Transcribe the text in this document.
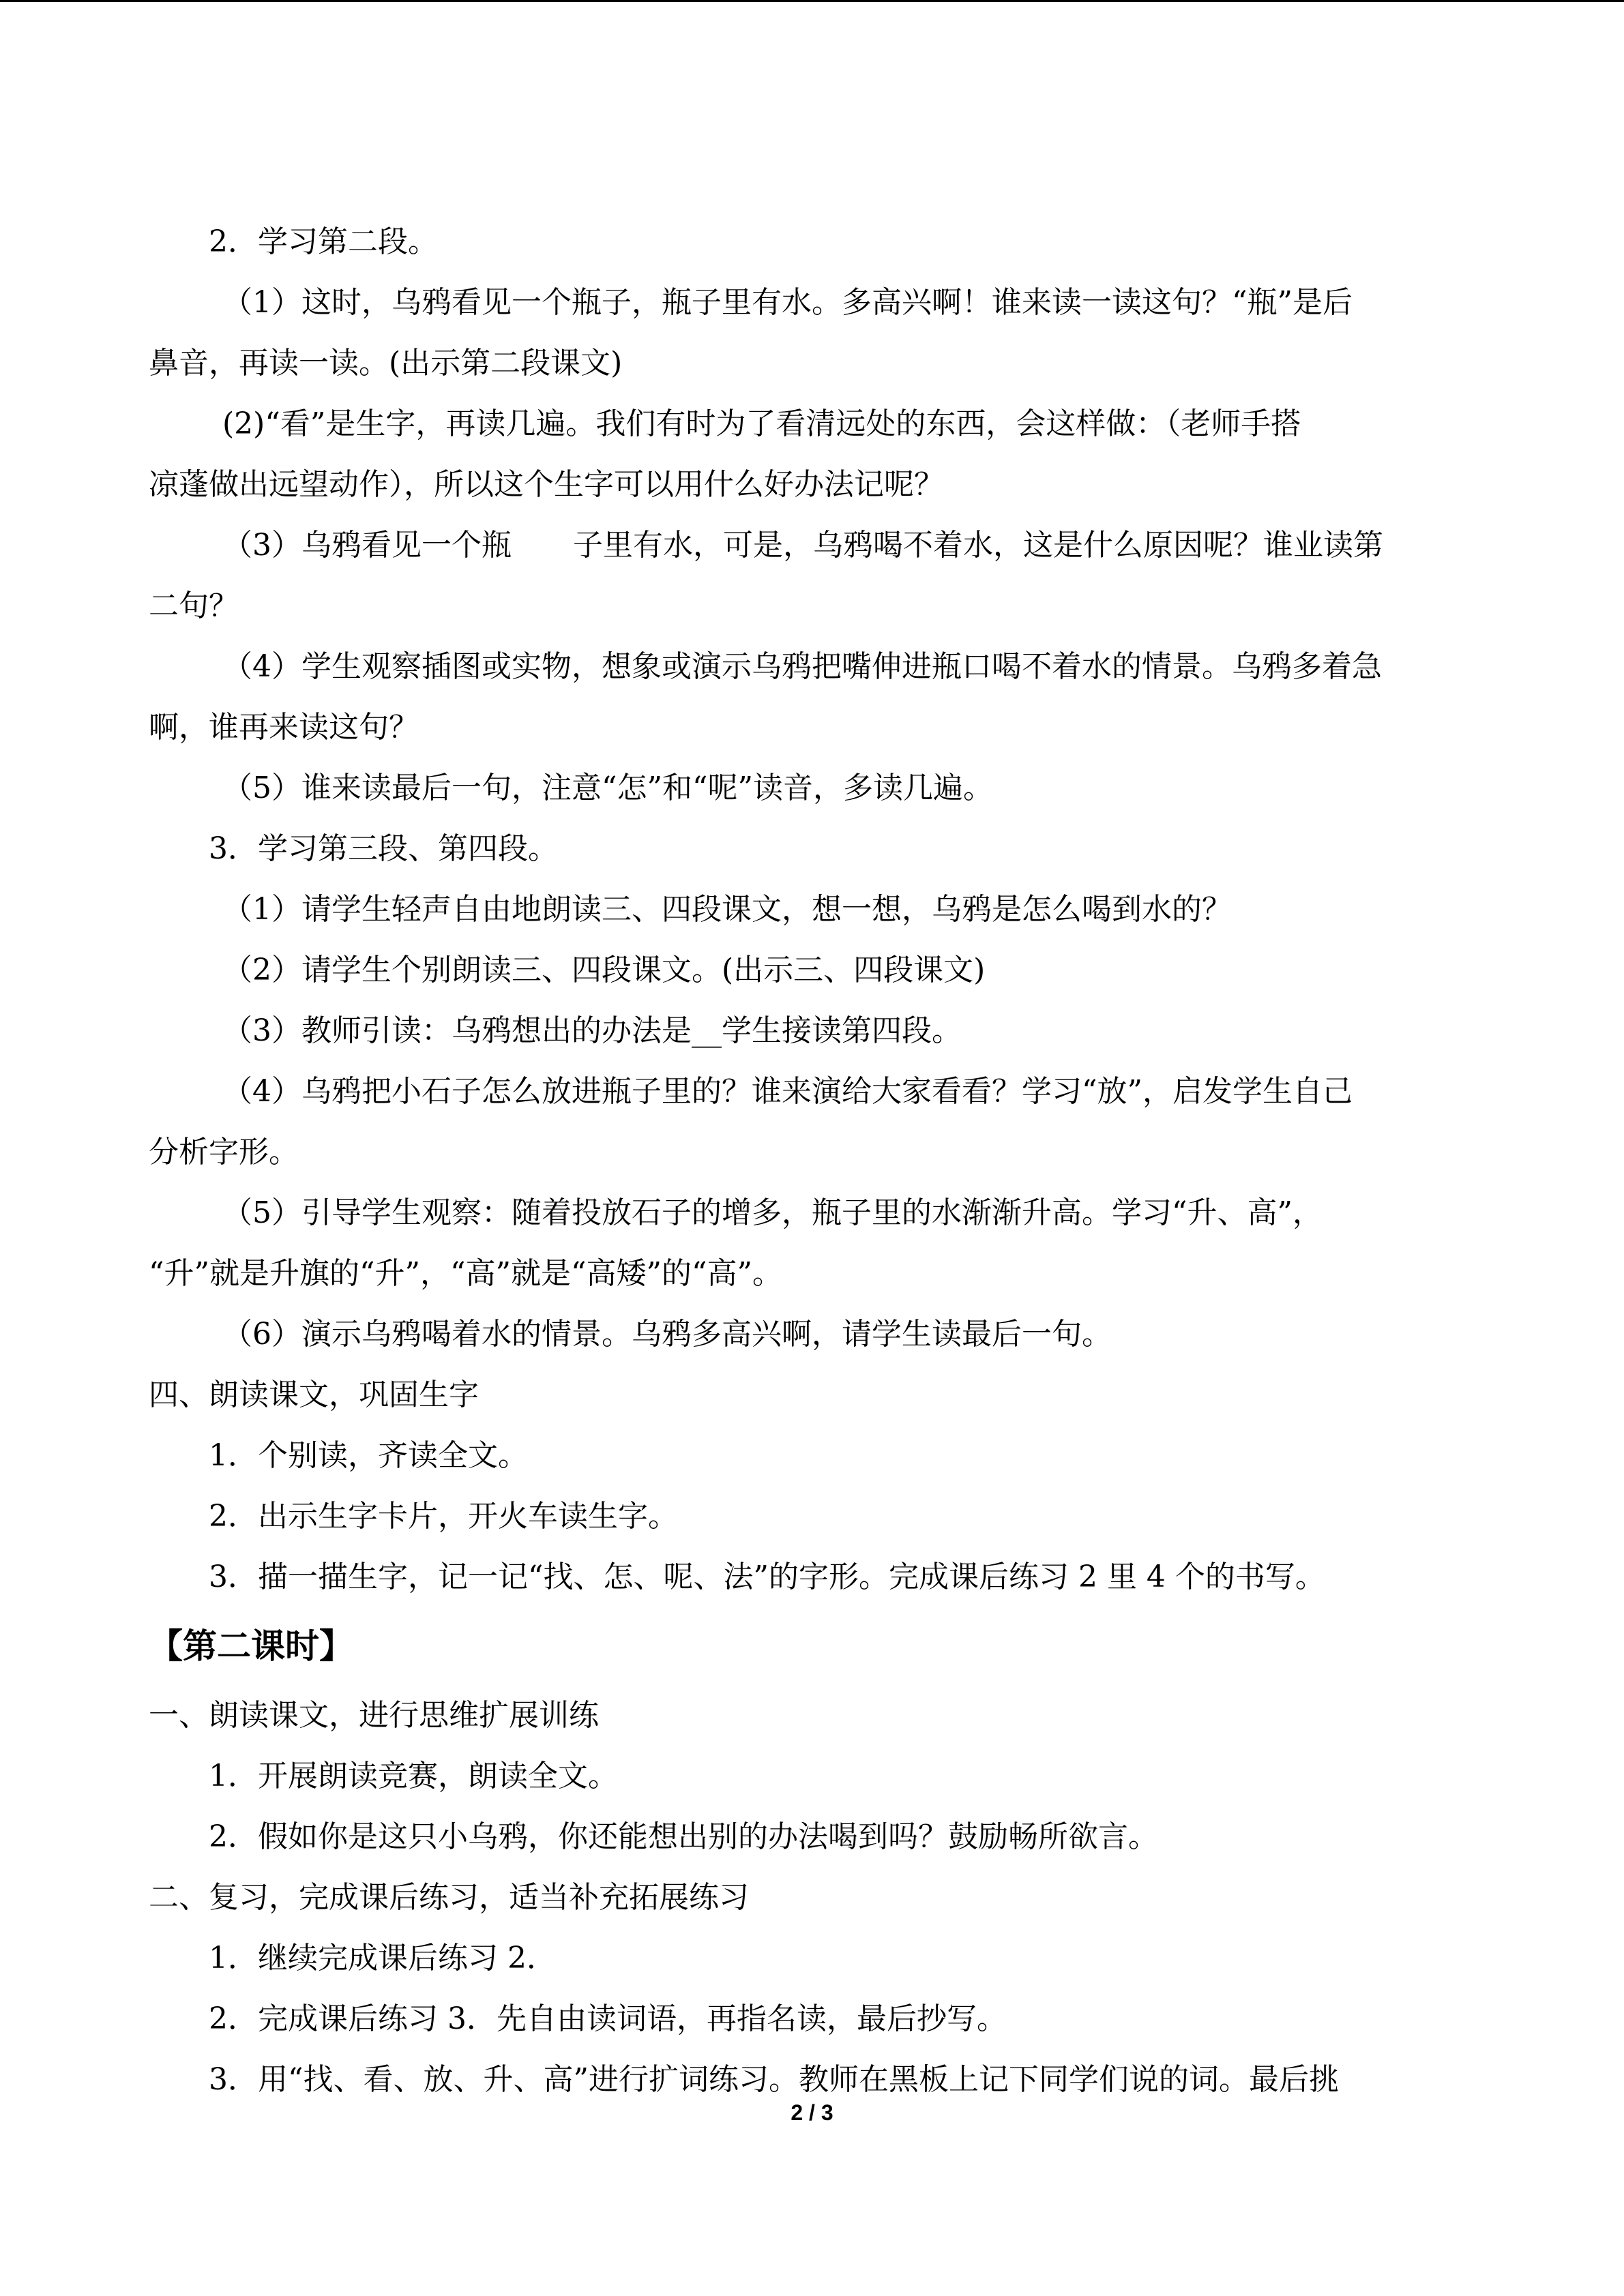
2．学习第二段。

（1）这时，乌鸦看见一个瓶子，瓶子里有水。多高兴啊！谁来读一读这句？“瓶”是后

鼻音，再读一读。(出示第二段课文)

(2)“看”是生字，再读几遍。我们有时为了看清远处的东西，会这样做：（老师手搭

凉蓬做出远望动作），所以这个生字可以用什么好办法记呢？

（3）乌鸦看见一个瓶 子里有水，可是，乌鸦喝不着水，这是什么原因呢？谁业读第

二句？

（4）学生观察插图或实物，想象或演示乌鸦把嘴伸进瓶口喝不着水的情景。乌鸦多着急

啊，谁再来读这句？

（5）谁来读最后一句，注意“怎”和“呢”读音，多读几遍。

3．学习第三段、第四段。

（1）请学生轻声自由地朗读三、四段课文，想一想，乌鸦是怎么喝到水的？

（2）请学生个别朗读三、四段课文。(出示三、四段课文)

（3）教师引读：乌鸦想出的办法是__学生接读第四段。

（4）乌鸦把小石子怎么放进瓶子里的？谁来演给大家看看？学习“放”，启发学生自己

分析字形。

（5）引导学生观察：随着投放石子的增多，瓶子里的水渐渐升高。学习“升、高”，

“升”就是升旗的“升”，“高”就是“高矮”的“高”。

（6）演示乌鸦喝着水的情景。乌鸦多高兴啊，请学生读最后一句。

四、朗读课文，巩固生字

1．个别读，齐读全文。

2．出示生字卡片，开火车读生字。

3．描一描生字，记一记“找、怎、呢、法”的字形。完成课后练习 2 里 4 个的书写。

【第二课时】

一、朗读课文，进行思维扩展训练

1．开展朗读竞赛，朗读全文。

2．假如你是这只小乌鸦，你还能想出别的办法喝到吗？鼓励畅所欲言。

二、复习，完成课后练习，适当补充拓展练习

1．继续完成课后练习 2．

2．完成课后练习 3．先自由读词语，再指名读，最后抄写。

3．用“找、看、放、升、高”进行扩词练习。教师在黑板上记下同学们说的词。最后挑

2 / 3
